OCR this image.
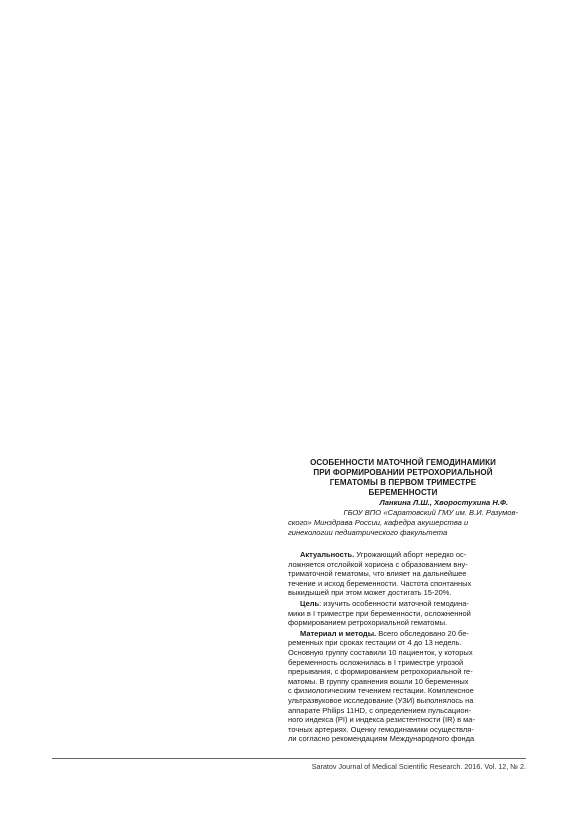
ОСОБЕННОСТИ МАТОЧНОЙ ГЕМОДИНАМИКИ
ПРИ ФОРМИРОВАНИИ РЕТРОХОРИАЛЬНОЙ
ГЕМАТОМЫ В ПЕРВОМ ТРИМЕСТРЕ
БЕРЕМЕННОСТИ
Ланкина Л.Ш., Хворостухина Н.Ф.
ГБОУ ВПО «Саратовский ГМУ им. В.И. Разумов-
ского» Минздрава России, кафедра акушерства и
гинекологии педиатрического факультета

Актуальность. Угрожающий аборт нередко ос-
ложняется отслойкой хориона с образованием вну-
триматочной гематомы, что влияет на дальнейшее
течение и исход беременности. Частота спонтанных
выкидышей при этом может достигать 15-20%.

Цель: изучить особенности маточной гемодина-
мики в I триместре при беременности, осложненной
формированием ретрохориальной гематомы.

Материал и методы. Всего обследовано 20 бе-
ременных при сроках гестации от 4 до 13 недель.
Основную группу составили 10 пациенток, у которых
беременность осложнилась в I триместре угрозой
прерывания, с формированием ретрохориальной ге-
матомы. В группу сравнения вошли 10 беременных
с физиологическим течением гестации. Комплексное
ультразвуковое исследование (УЗИ) выполнялось на
аппарате Philips 11HD, с определением пульсацион-
ного индекса (PI) и индекса резистентности (IR) в ма-
точных артериях. Оценку гемодинамики осуществля-
ли согласно рекомендациям Международного фонда

Saratov Journal of Medical Scientific Research. 2016. Vol. 12, № 2.
